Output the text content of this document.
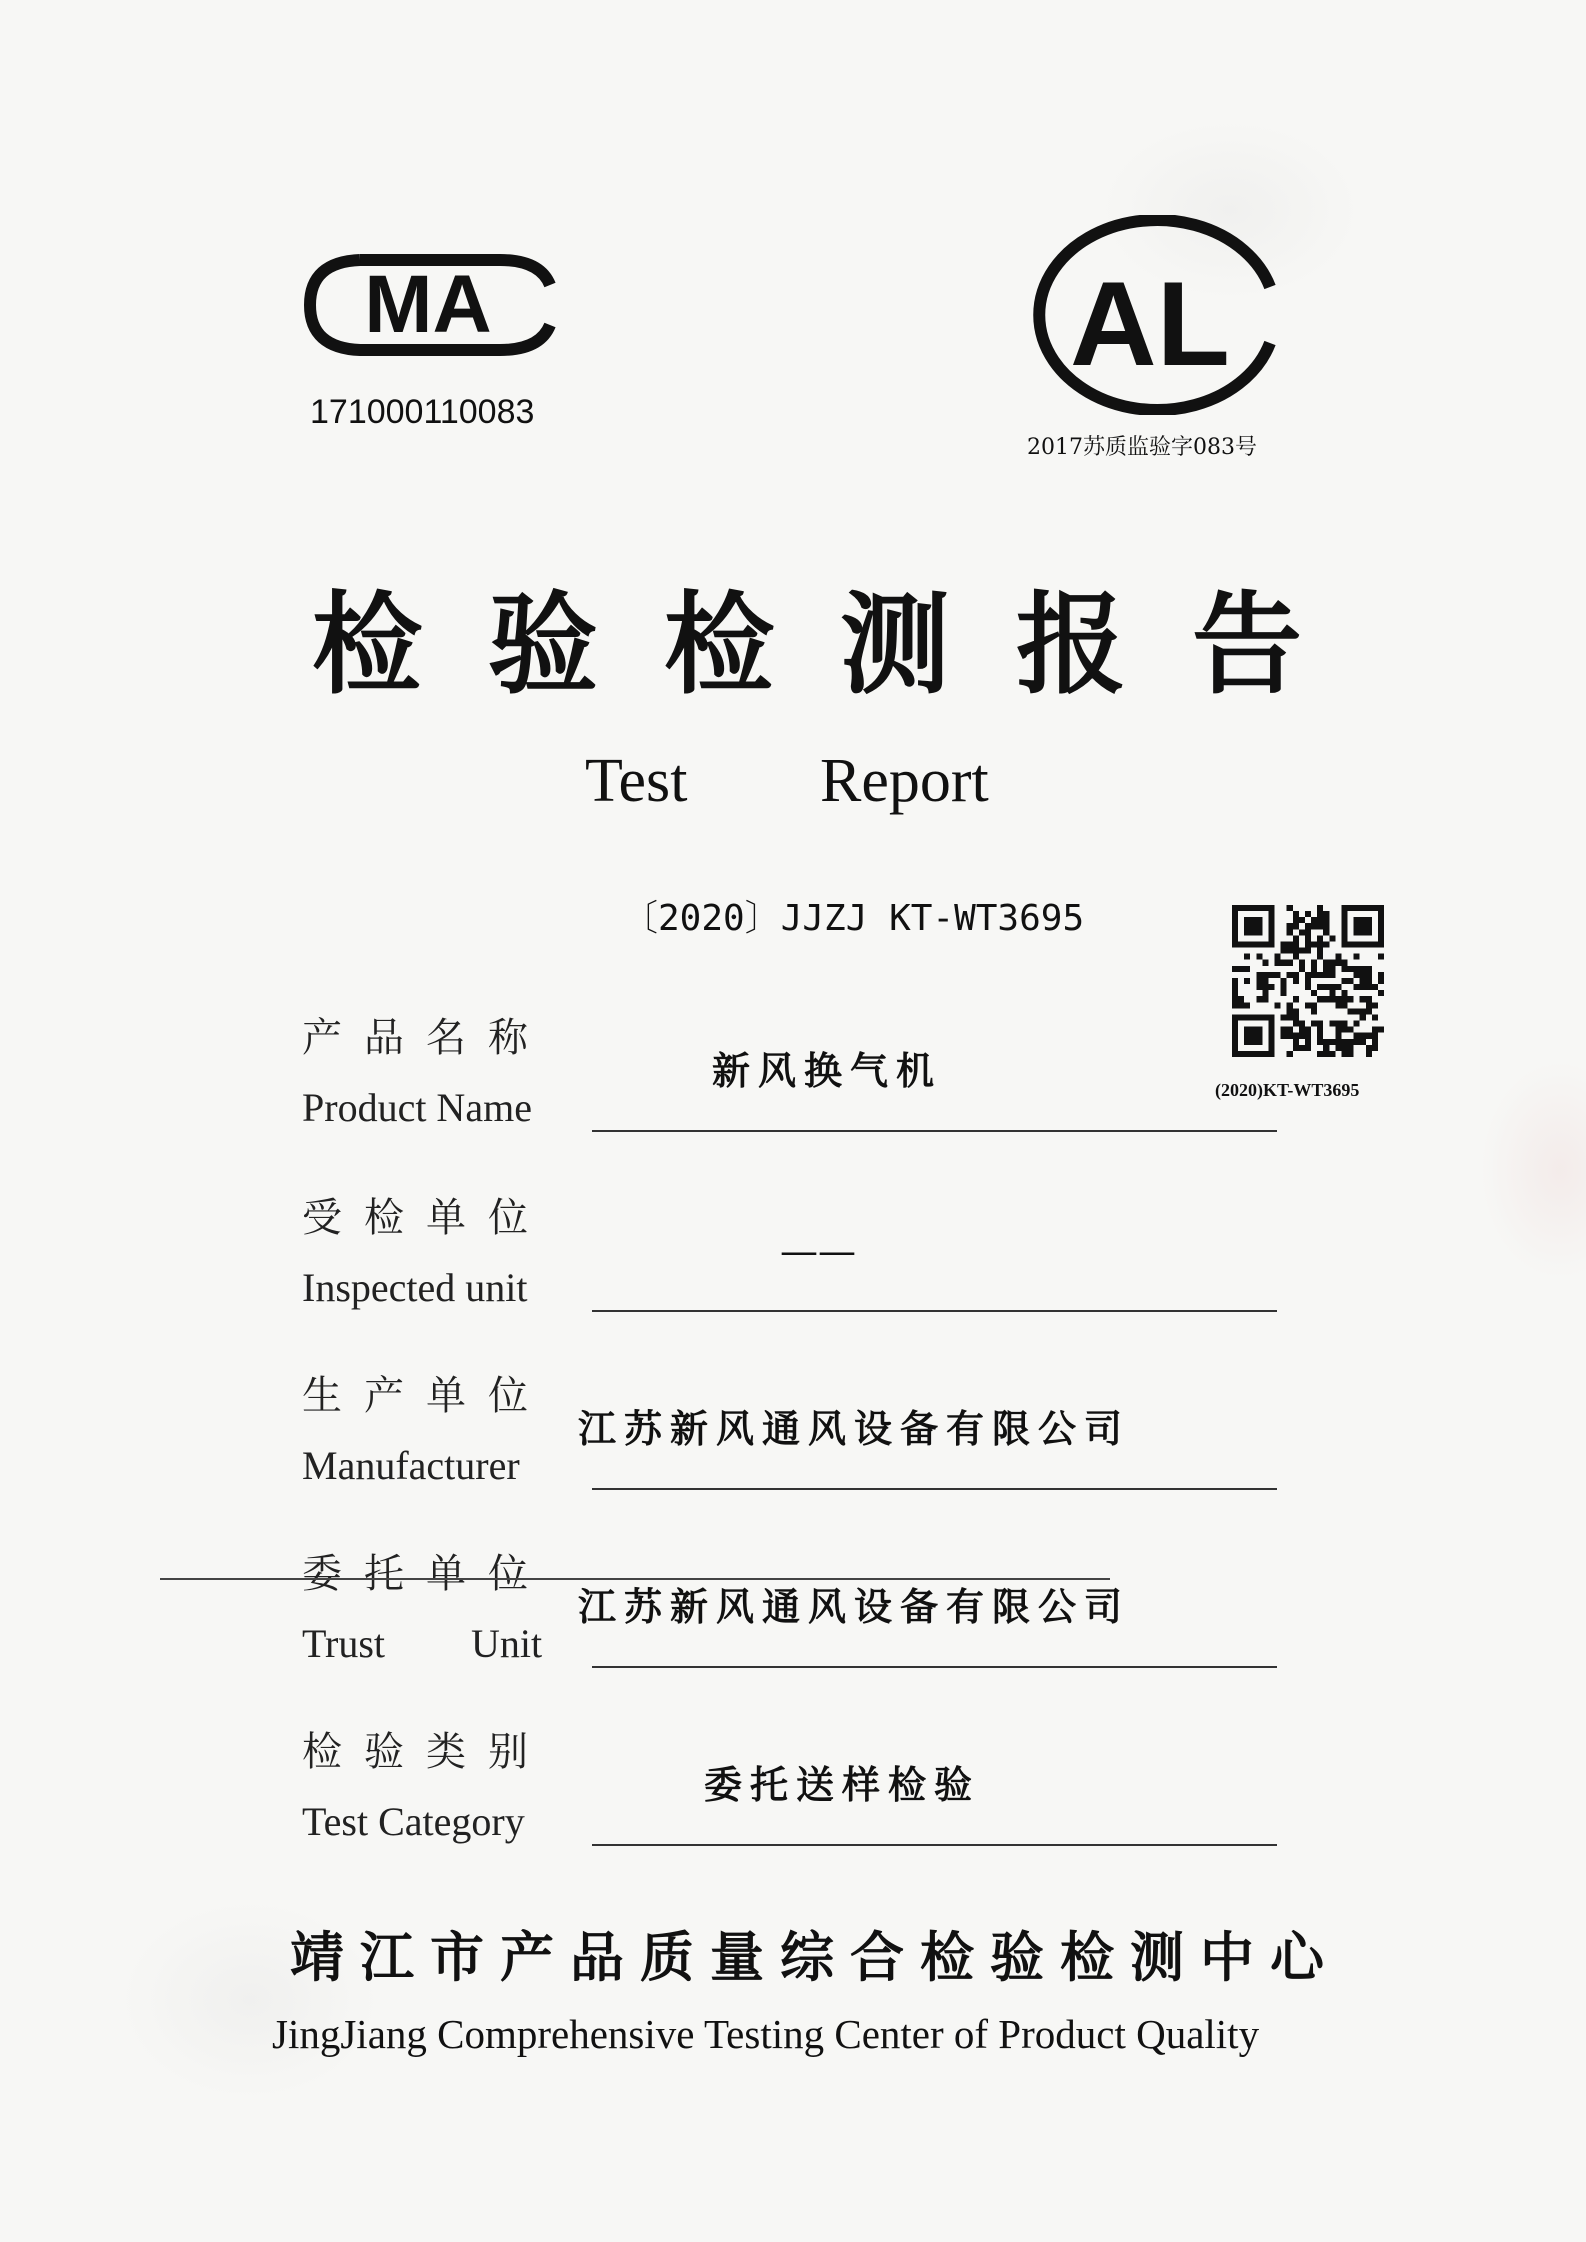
MA
171000110083
AL
2017苏质监验字083号
检验检测报告
Test Report
〔2020〕JJZJ KT-WT3695
(2020)KT-WT3695
产品名称
Product Name
新风换气机
受检单位
Inspected unit
——
生产单位
Manufacturer
江苏新风通风设备有限公司
委托单位
Trust Unit
江苏新风通风设备有限公司
检验类别
Test Category
委托送样检验
靖江市产品质量综合检验检测中心
JingJiang Comprehensive Testing Center of Product Quality
